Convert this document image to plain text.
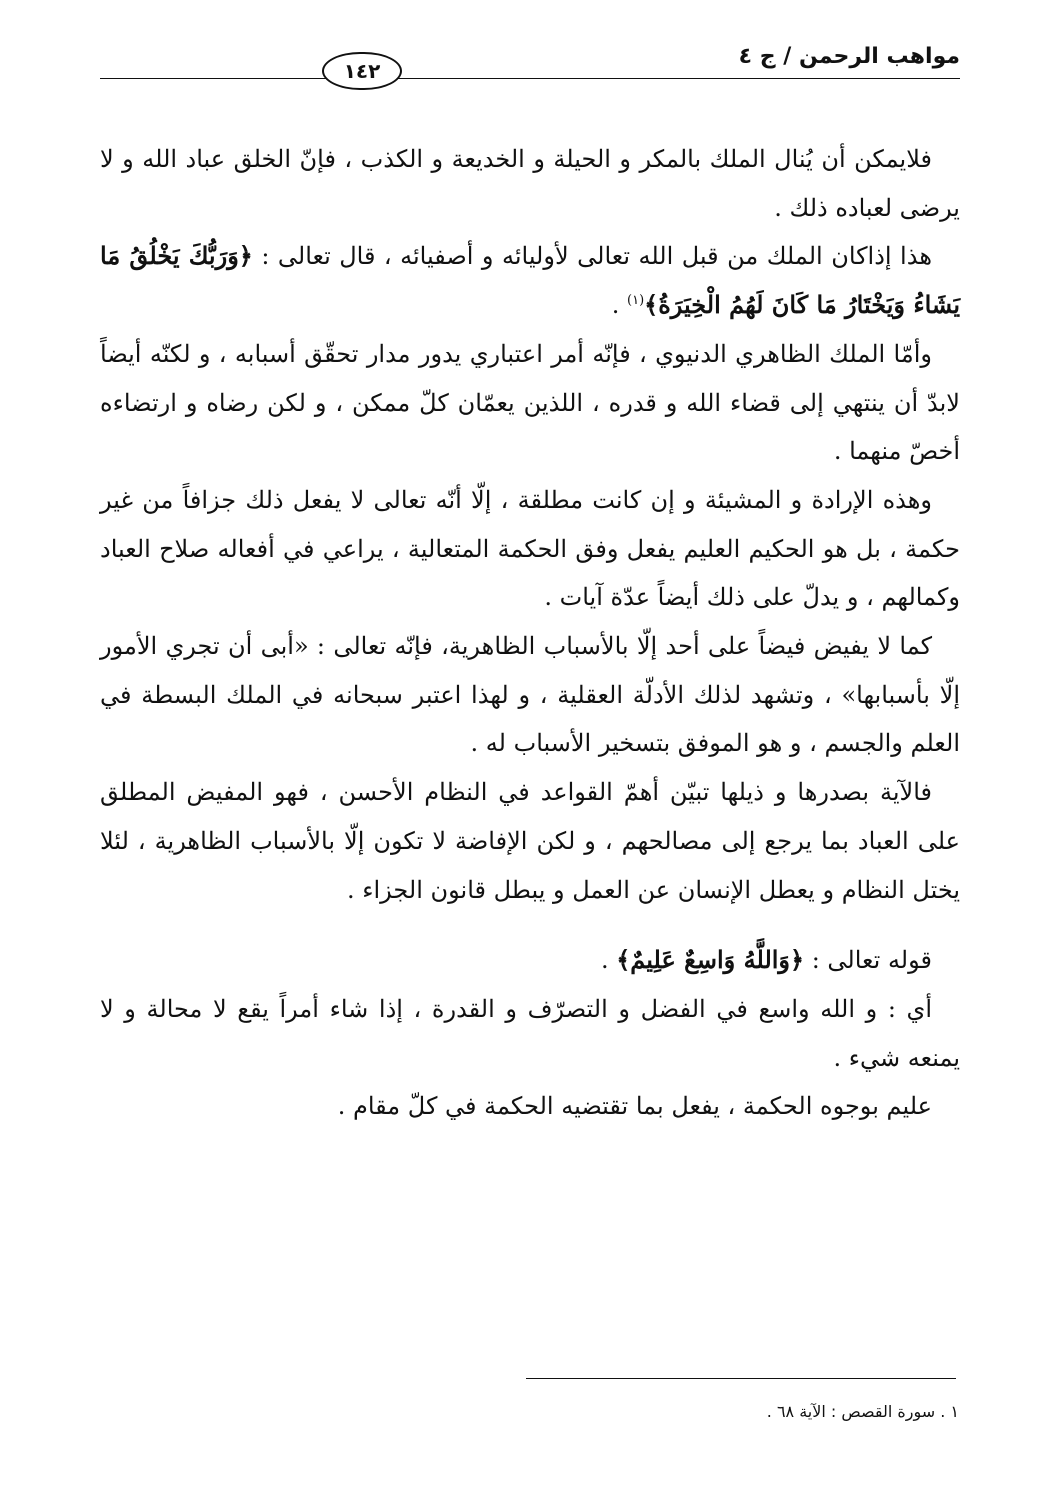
مواهب الرحمن / ج ٤
١٤٢

فلايمكن أن يُنال الملك بالمكر و الحيلة و الخديعة و الكذب ، فإنّ الخلق عباد الله و لا يرضى لعباده ذلك .

هذا إذاكان الملك من قبل الله تعالى لأوليائه و أصفيائه ، قال تعالى : ﴿وَرَبُّكَ يَخْلُقُ مَا يَشَاءُ وَيَخْتَارُ مَا كَانَ لَهُمُ الْخِيَرَةُ﴾$^{(١)}$ .

وأمّا الملك الظاهري الدنيوي ، فإنّه أمر اعتباري يدور مدار تحقّق أسبابه ، و لكنّه أيضاً لابدّ أن ينتهي إلى قضاء الله و قدره ، اللذين يعمّان كلّ ممكن ، و لكن رضاه و ارتضاءه أخصّ منهما .

وهذه الإرادة و المشيئة و إن كانت مطلقة ، إلّا أنّه تعالى لا يفعل ذلك جزافاً من غير حكمة ، بل هو الحكيم العليم يفعل وفق الحكمة المتعالية ، يراعي في أفعاله صلاح العباد وكمالهم ، و يدلّ على ذلك أيضاً عدّة آيات .

كما لا يفيض فيضاً على أحد إلّا بالأسباب الظاهرية، فإنّه تعالى : «أبى أن تجري الأمور إلّا بأسبابها» ، وتشهد لذلك الأدلّة العقلية ، و لهذا اعتبر سبحانه في الملك البسطة في العلم والجسم ، و هو الموفق بتسخير الأسباب له .

فالآية بصدرها و ذيلها تبيّن أهمّ القواعد في النظام الأحسن ، فهو المفيض المطلق على العباد بما يرجع إلى مصالحهم ، و لكن الإفاضة لا تكون إلّا بالأسباب الظاهرية ، لئلا يختل النظام و يعطل الإنسان عن العمل و يبطل قانون الجزاء .

قوله تعالى : ﴿وَاللَّهُ وَاسِعٌ عَلِيمٌ﴾ .

أي : و الله واسع في الفضل و التصرّف و القدرة ، إذا شاء أمراً يقع لا محالة و لا يمنعه شيء .

عليم بوجوه الحكمة ، يفعل بما تقتضيه الحكمة في كلّ مقام .

١ . سورة القصص : الآية ٦٨ .
